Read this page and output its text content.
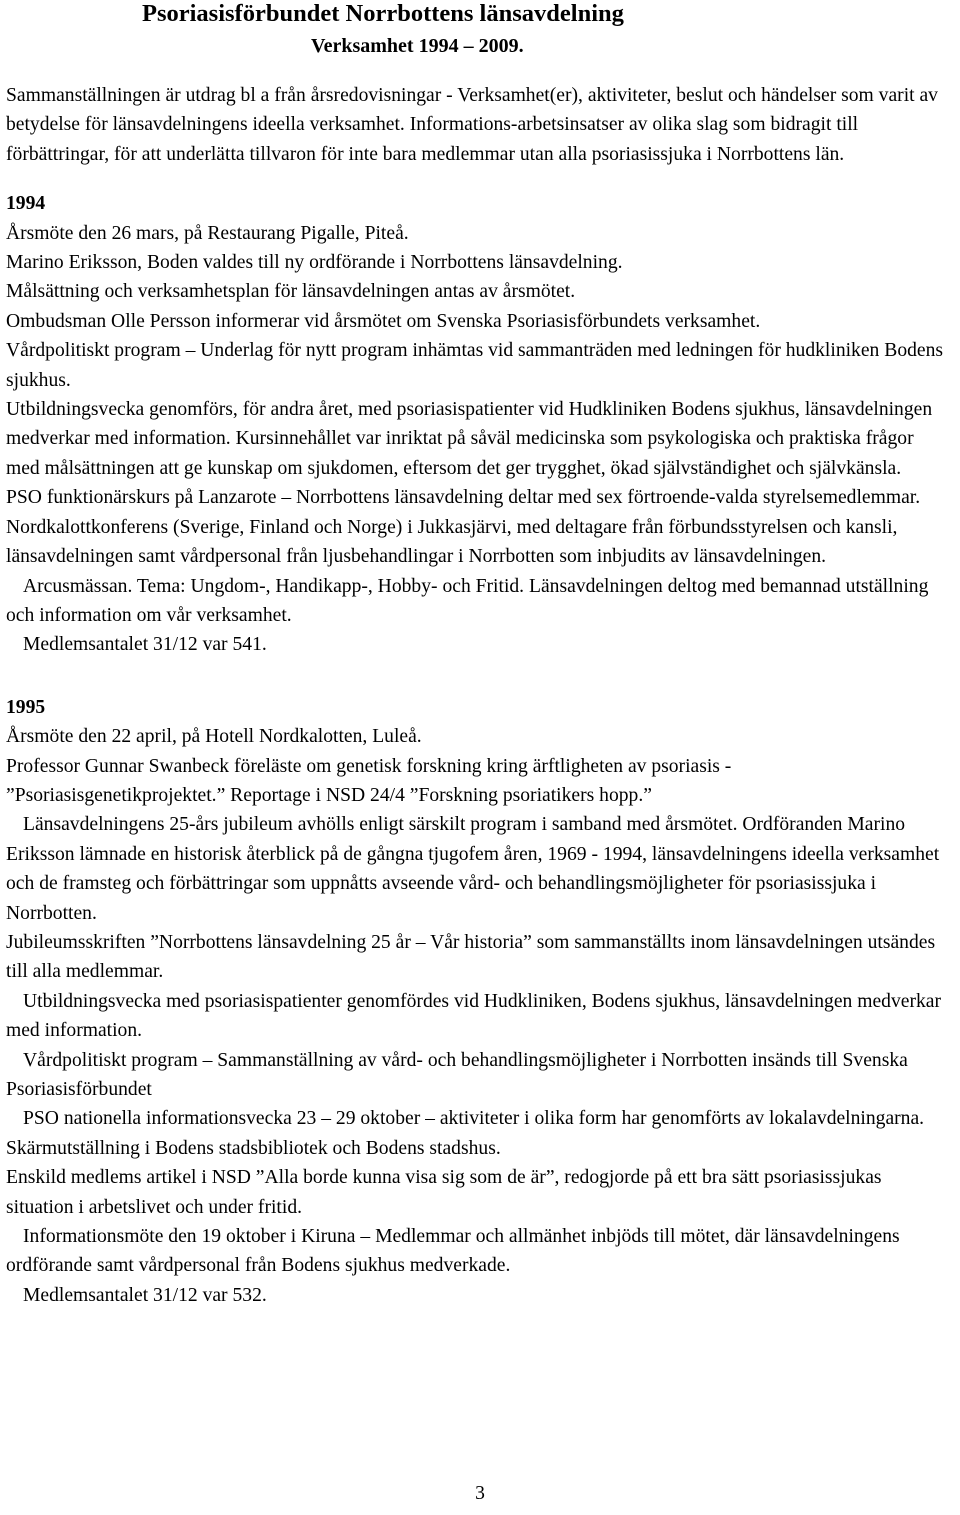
Psoriasisförbundet Norrbottens länsavdelning
Verksamhet 1994 – 2009.

Sammanställningen är utdrag bl a från årsredovisningar - Verksamhet(er), aktiviteter, beslut och händelser som varit av betydelse för länsavdelningens ideella verksamhet. Informations-arbetsinsatser av olika slag som bidragit till förbättringar, för att underlätta tillvaron för inte bara medlemmar utan alla psoriasissjuka i Norrbottens län.

1994

Årsmöte den 26 mars, på Restaurang Pigalle, Piteå.

Marino Eriksson, Boden valdes till ny ordförande i Norrbottens länsavdelning.

Målsättning och verksamhetsplan för länsavdelningen antas av årsmötet.

Ombudsman Olle Persson informerar vid årsmötet om Svenska Psoriasisförbundets verksamhet.

Vårdpolitiskt program – Underlag för nytt program inhämtas vid sammanträden med ledningen för hudkliniken Bodens sjukhus.

Utbildningsvecka genomförs, för andra året, med psoriasispatienter vid Hudkliniken Bodens sjukhus, länsavdelningen medverkar med information. Kursinnehållet var inriktat på såväl medicinska som psykologiska och praktiska frågor med målsättningen att ge kunskap om sjukdomen, eftersom det ger trygghet, ökad självständighet och självkänsla.

PSO funktionärskurs på Lanzarote – Norrbottens länsavdelning deltar med sex förtroende-valda styrelsemedlemmar.

Nordkalottkonferens (Sverige, Finland och Norge) i Jukkasjärvi, med deltagare från förbundsstyrelsen och kansli, länsavdelningen samt vårdpersonal från ljusbehandlingar i Norrbotten som inbjudits av länsavdelningen.

Arcusmässan. Tema: Ungdom-, Handikapp-, Hobby- och Fritid. Länsavdelningen deltog med bemannad utställning och information om vår verksamhet.

Medlemsantalet 31/12 var 541.

1995

Årsmöte den 22 april, på Hotell Nordkalotten, Luleå.

Professor Gunnar Swanbeck föreläste om genetisk forskning kring ärftligheten av psoriasis - ”Psoriasisgenetikprojektet.” Reportage i NSD 24/4 ”Forskning psoriatikers hopp.”

Länsavdelningens 25-års jubileum avhölls enligt särskilt program i samband med årsmötet. Ordföranden Marino Eriksson lämnade en historisk återblick på de gångna tjugofem åren, 1969 - 1994, länsavdelningens ideella verksamhet och de framsteg och förbättringar som uppnåtts avseende vård- och behandlingsmöjligheter för psoriasissjuka i Norrbotten.

Jubileumsskriften ”Norrbottens länsavdelning 25 år – Vår historia” som sammanställts inom länsavdelningen utsändes till alla medlemmar.

Utbildningsvecka med psoriasispatienter genomfördes vid Hudkliniken, Bodens sjukhus, länsavdelningen medverkar med information.

Vårdpolitiskt program – Sammanställning av vård- och behandlingsmöjligheter i Norrbotten insänds till Svenska Psoriasisförbundet

PSO nationella informationsvecka 23 – 29 oktober – aktiviteter i olika form har genomförts av lokalavdelningarna. Skärmutställning i Bodens stadsbibliotek och Bodens stadshus.

Enskild medlems artikel i NSD ”Alla borde kunna visa sig som de är”, redogjorde på ett bra sätt psoriasissjukas situation i arbetslivet och under fritid.

Informationsmöte den 19 oktober i Kiruna – Medlemmar och allmänhet inbjöds till mötet, där länsavdelningens ordförande samt vårdpersonal från Bodens sjukhus medverkade.

Medlemsantalet 31/12 var 532.

3
